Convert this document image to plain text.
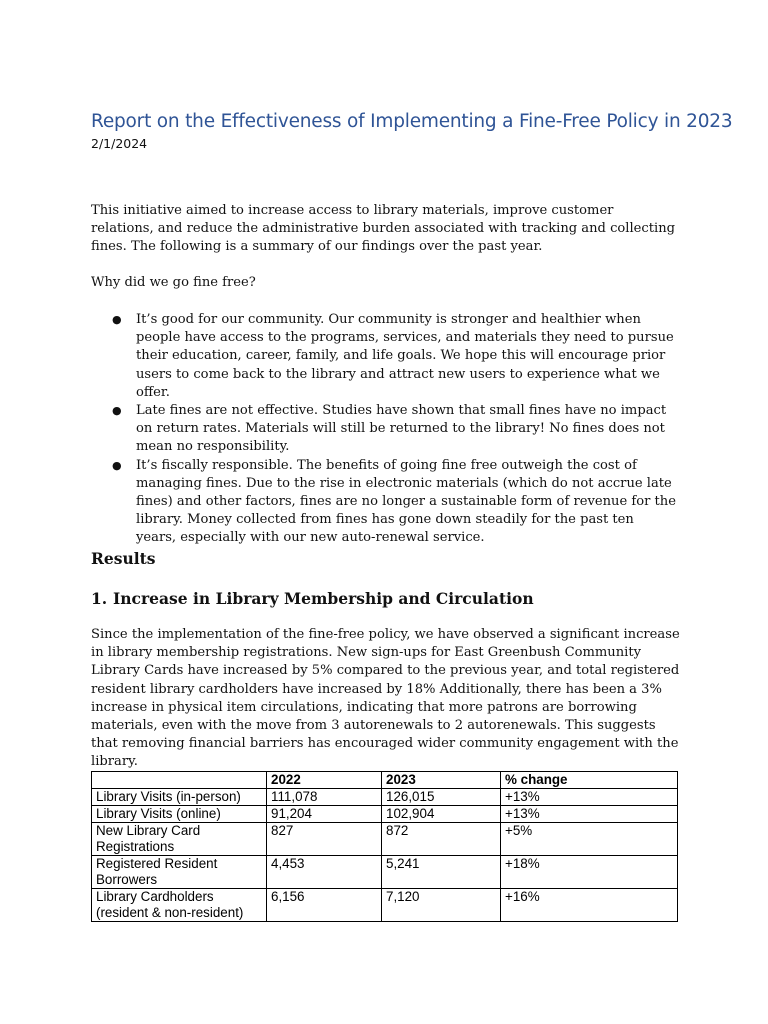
Report on the Effectiveness of Implementing a Fine-Free Policy in 2023
2/1/2024

This initiative aimed to increase access to library materials, improve customer relations, and reduce the administrative burden associated with tracking and collecting fines. The following is a summary of our findings over the past year.

Why did we go fine free?

● It’s good for our community. Our community is stronger and healthier when people have access to the programs, services, and materials they need to pursue their education, career, family, and life goals. We hope this will encourage prior users to come back to the library and attract new users to experience what we offer.
● Late fines are not effective. Studies have shown that small fines have no impact on return rates. Materials will still be returned to the library! No fines does not mean no responsibility.
● It’s fiscally responsible. The benefits of going fine free outweigh the cost of managing fines. Due to the rise in electronic materials (which do not accrue late fines) and other factors, fines are no longer a sustainable form of revenue for the library. Money collected from fines has gone down steadily for the past ten years, especially with our new auto-renewal service.
Results
1. Increase in Library Membership and Circulation

Since the implementation of the fine-free policy, we have observed a significant increase in library membership registrations. New sign-ups for East Greenbush Community Library Cards have increased by 5% compared to the previous year, and total registered resident library cardholders have increased by 18% Additionally, there has been a 3% increase in physical item circulations, indicating that more patrons are borrowing materials, even with the move from 3 autorenewals to 2 autorenewals. This suggests that removing financial barriers has encouraged wider community engagement with the library.

	2022	2023	% change
Library Visits (in-person)	111,078	126,015	+13%
Library Visits (online)	91,204	102,904	+13%
New Library Card Registrations	827	872	+5%
Registered Resident Borrowers	4,453	5,241	+18%
Library Cardholders (resident & non-resident)	6,156	7,120	+16%
